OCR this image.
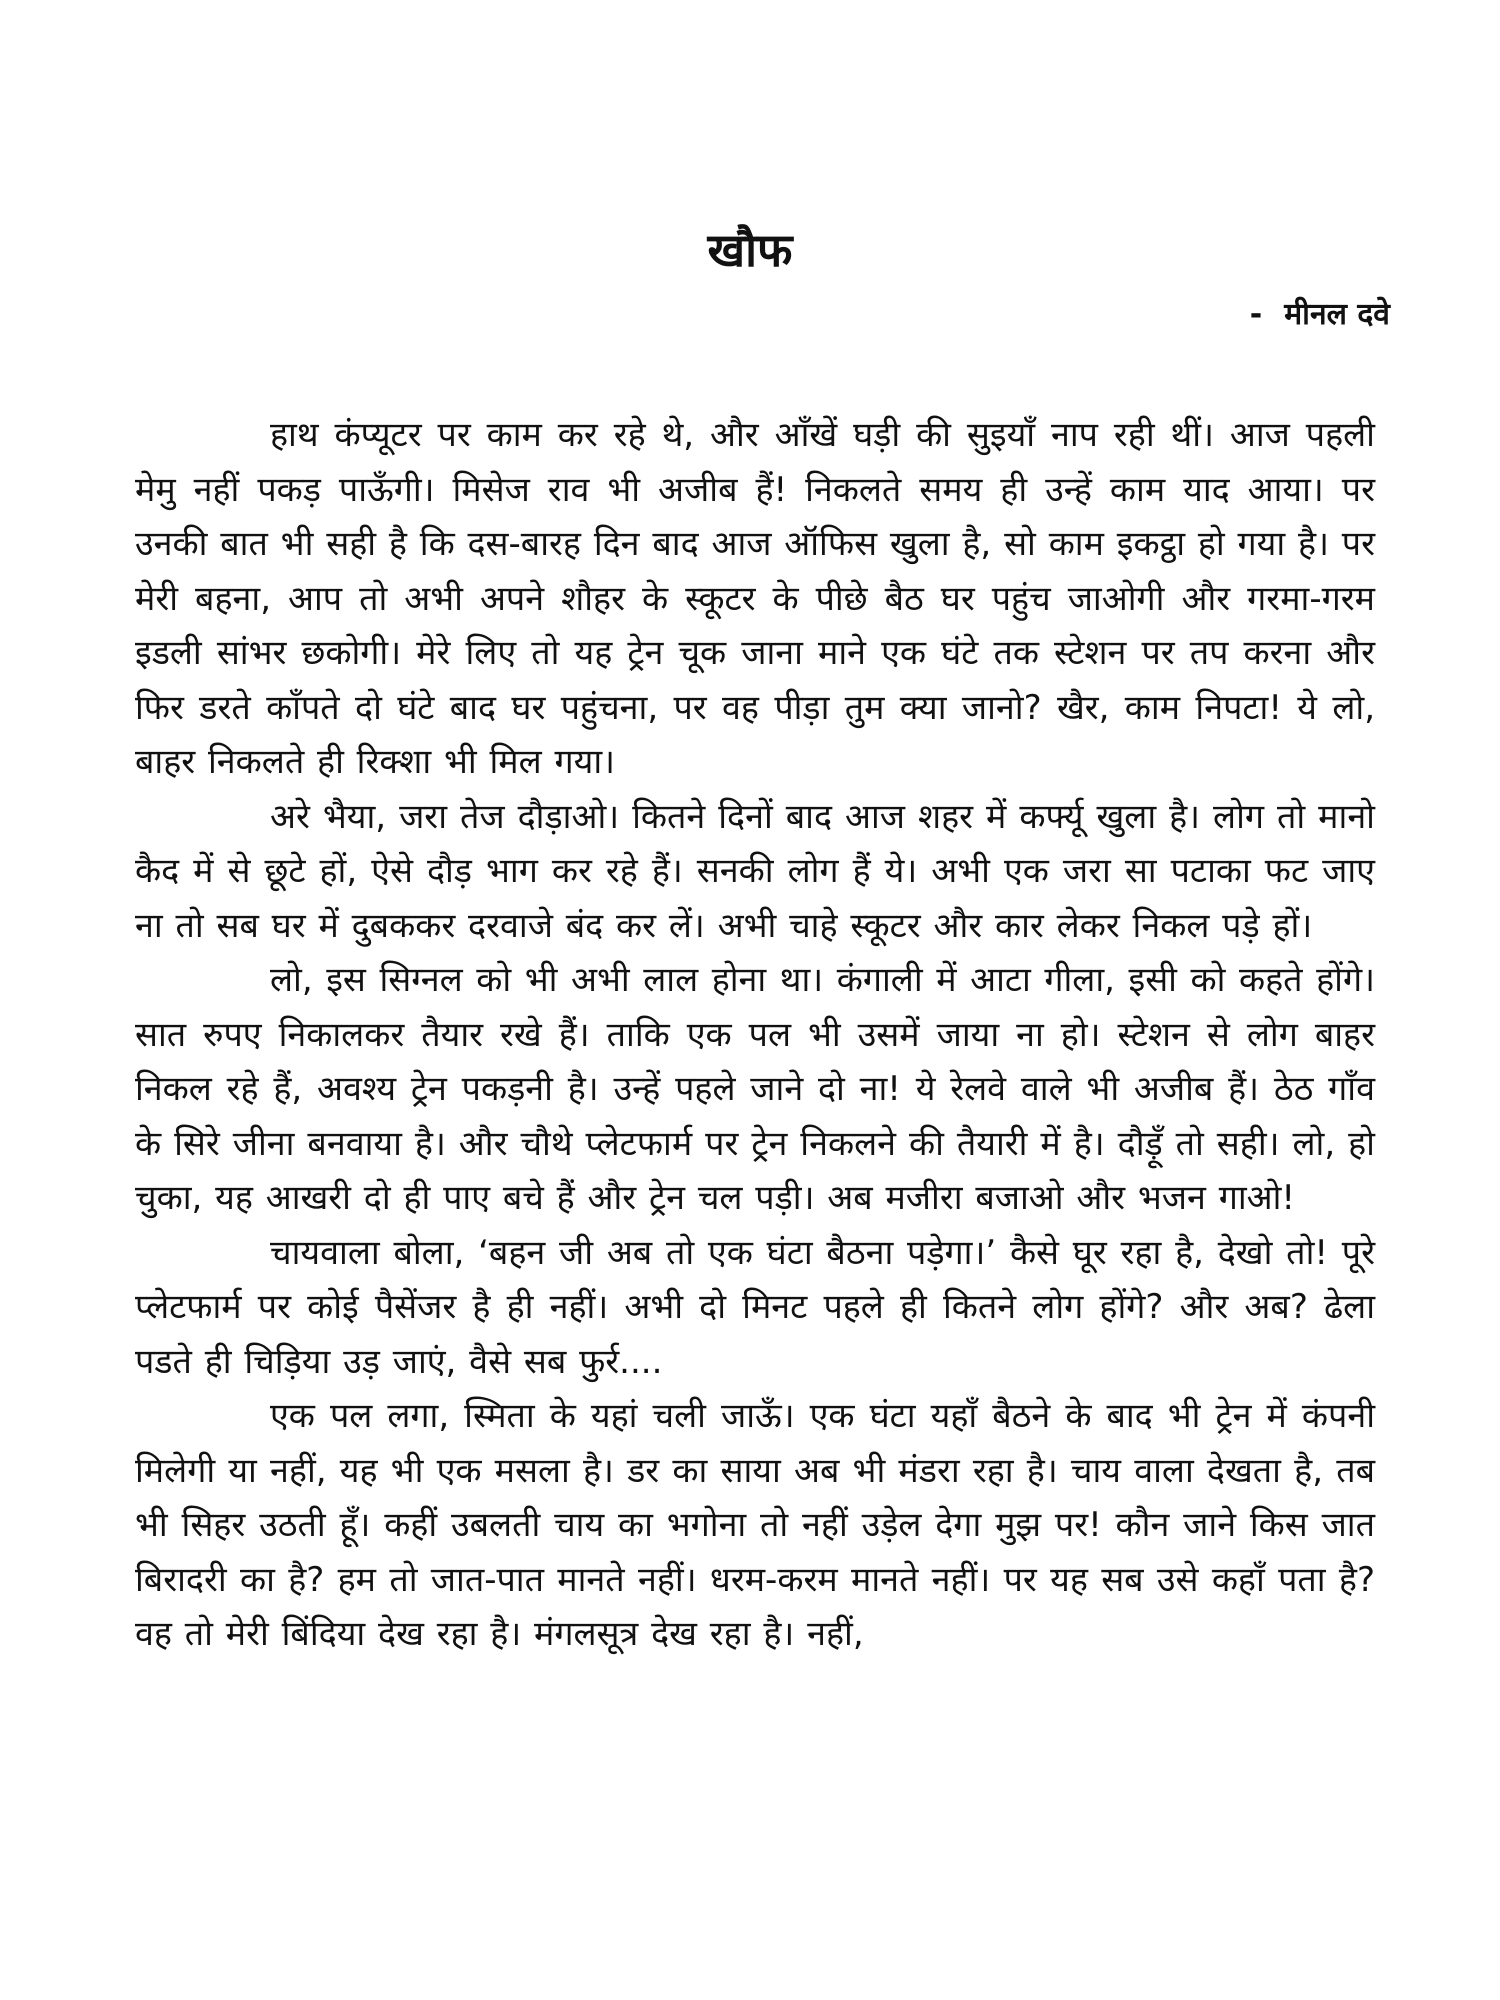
खौफ

- मीनल दवे

हाथ कंप्यूटर पर काम कर रहे थे, और आँखें घड़ी की सुइयाँ नाप रही थीं। आज पहली मेमु नहीं पकड़ पाऊँगी। मिसेज राव भी अजीब हैं! निकलते समय ही उन्हें काम याद आया। पर उनकी बात भी सही है कि दस-बारह दिन बाद आज ऑफिस खुला है, सो काम इकट्ठा हो गया है। पर मेरी बहना, आप तो अभी अपने शौहर के स्कूटर के पीछे बैठ घर पहुंच जाओगी और गरमा-गरम इडली सांभर छकोगी। मेरे लिए तो यह ट्रेन चूक जाना माने एक घंटे तक स्टेशन पर तप करना और फिर डरते काँपते दो घंटे बाद घर पहुंचना, पर वह पीड़ा तुम क्या जानो? खैर, काम निपटा! ये लो, बाहर निकलते ही रिक्शा भी मिल गया।

अरे भैया, जरा तेज दौड़ाओ। कितने दिनों बाद आज शहर में कर्फ्यू खुला है। लोग तो मानो कैद में से छूटे हों, ऐसे दौड़ भाग कर रहे हैं। सनकी लोग हैं ये। अभी एक जरा सा पटाका फट जाए ना तो सब घर में दुबककर दरवाजे बंद कर लें। अभी चाहे स्कूटर और कार लेकर निकल पड़े हों।

लो, इस सिग्नल को भी अभी लाल होना था। कंगाली में आटा गीला, इसी को कहते होंगे। सात रुपए निकालकर तैयार रखे हैं। ताकि एक पल भी उसमें जाया ना हो। स्टेशन से लोग बाहर निकल रहे हैं, अवश्य ट्रेन पकड़नी है। उन्हें पहले जाने दो ना! ये रेलवे वाले भी अजीब हैं। ठेठ गाँव के सिरे जीना बनवाया है। और चौथे प्लेटफार्म पर ट्रेन निकलने की तैयारी में है। दौड़ूँ तो सही। लो, हो चुका, यह आखरी दो ही पाए बचे हैं और ट्रेन चल पड़ी। अब मजीरा बजाओ और भजन गाओ!

चायवाला बोला, ‘बहन जी अब तो एक घंटा बैठना पड़ेगा।’ कैसे घूर रहा है, देखो तो! पूरे प्लेटफार्म पर कोई पैसेंजर है ही नहीं। अभी दो मिनट पहले ही कितने लोग होंगे? और अब? ढेला पडते ही चिड़िया उड़ जाएं, वैसे सब फुर्र....

एक पल लगा, स्मिता के यहां चली जाऊँ। एक घंटा यहाँ बैठने के बाद भी ट्रेन में कंपनी मिलेगी या नहीं, यह भी एक मसला है। डर का साया अब भी मंडरा रहा है। चाय वाला देखता है, तब भी सिहर उठती हूँ। कहीं उबलती चाय का भगोना तो नहीं उड़ेल देगा मुझ पर! कौन जाने किस जात बिरादरी का है? हम तो जात-पात मानते नहीं। धरम-करम मानते नहीं। पर यह सब उसे कहाँ पता है? वह तो मेरी बिंदिया देख रहा है। मंगलसूत्र देख रहा है। नहीं,
